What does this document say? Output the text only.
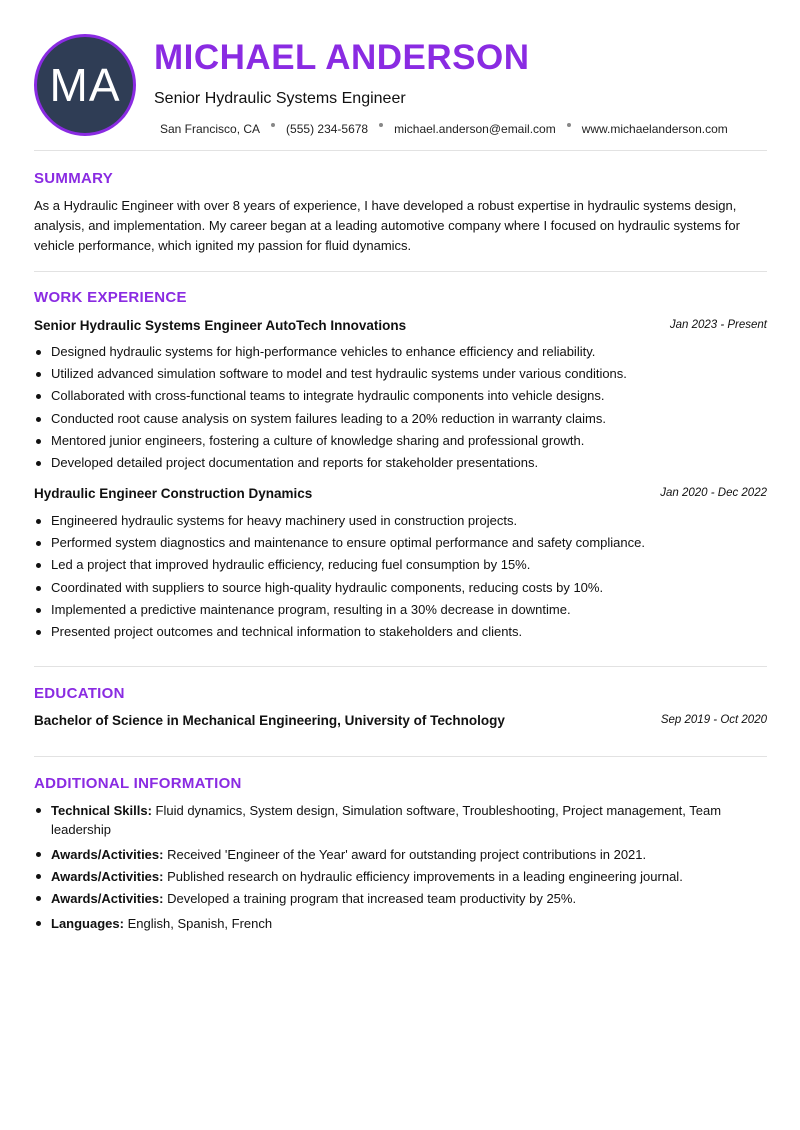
MA
MICHAEL ANDERSON
Senior Hydraulic Systems Engineer
San Francisco, CA (555) 234-5678 michael.anderson@email.com www.michaelanderson.com
SUMMARY
As a Hydraulic Engineer with over 8 years of experience, I have developed a robust expertise in hydraulic systems design, analysis, and implementation. My career began at a leading automotive company where I focused on hydraulic systems for vehicle performance, which ignited my passion for fluid dynamics.
WORK EXPERIENCE
Senior Hydraulic Systems Engineer AutoTech Innovations	Jan 2023 - Present
Designed hydraulic systems for high-performance vehicles to enhance efficiency and reliability.
Utilized advanced simulation software to model and test hydraulic systems under various conditions.
Collaborated with cross-functional teams to integrate hydraulic components into vehicle designs.
Conducted root cause analysis on system failures leading to a 20% reduction in warranty claims.
Mentored junior engineers, fostering a culture of knowledge sharing and professional growth.
Developed detailed project documentation and reports for stakeholder presentations.
Hydraulic Engineer Construction Dynamics	Jan 2020 - Dec 2022
Engineered hydraulic systems for heavy machinery used in construction projects.
Performed system diagnostics and maintenance to ensure optimal performance and safety compliance.
Led a project that improved hydraulic efficiency, reducing fuel consumption by 15%.
Coordinated with suppliers to source high-quality hydraulic components, reducing costs by 10%.
Implemented a predictive maintenance program, resulting in a 30% decrease in downtime.
Presented project outcomes and technical information to stakeholders and clients.
EDUCATION
Bachelor of Science in Mechanical Engineering, University of Technology	Sep 2019 - Oct 2020
ADDITIONAL INFORMATION
Technical Skills: Fluid dynamics, System design, Simulation software, Troubleshooting, Project management, Team leadership
Awards/Activities: Received 'Engineer of the Year' award for outstanding project contributions in 2021.
Awards/Activities: Published research on hydraulic efficiency improvements in a leading engineering journal.
Awards/Activities: Developed a training program that increased team productivity by 25%.
Languages: English, Spanish, French
